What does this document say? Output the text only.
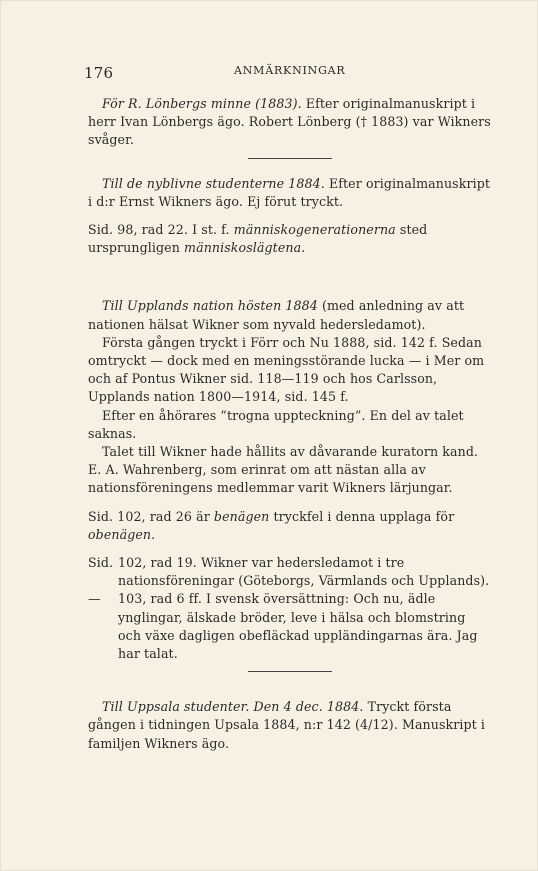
176	ANMÄRKNINGAR

För R. Lönbergs minne (1883). Efter originalmanuskript i herr Ivan Lönbergs ägo. Robert Lönberg († 1883) var Wikners svåger.

Till de nyblivne studenterne 1884. Efter originalmanuskript i d:r Ernst Wikners ägo. Ej förut tryckt.

Sid. 98, rad 22. I st. f. människogenerationerna sted ursprungligen människoslägtena.

Till Upplands nation hösten 1884 (med anledning av att nationen hälsat Wikner som nyvald hedersledamot).

Första gången tryckt i Förr och Nu 1888, sid. 142 f. Sedan omtryckt — dock med en meningsstörande lucka — i Mer om och af Pontus Wikner sid. 118—119 och hos Carlsson, Upplands nation 1800—1914, sid. 145 f.

Efter en åhörares ”trogna uppteckning”. En del av talet saknas.

Talet till Wikner hade hållits av dåvarande kuratorn kand. E. A. Wahrenberg, som erinrat om att nästan alla av nationsföreningens medlemmar varit Wikners lärjungar.

Sid. 102, rad 26 är benägen tryckfel i denna upplaga för obenägen.

Sid. 102, rad 19. Wikner var hedersledamot i tre nationsföreningar (Göteborgs, Värmlands och Upplands).
—	103, rad 6 ff. I svensk översättning: Och nu, ädle ynglingar, älskade bröder, leve i hälsa och blomstring och växe dagligen obefläckad uppländingarnas ära. Jag har talat.

Till Uppsala studenter. Den 4 dec. 1884. Tryckt första gången i tidningen Upsala 1884, n:r 142 (4/12). Manuskript i familjen Wikners ägo.
